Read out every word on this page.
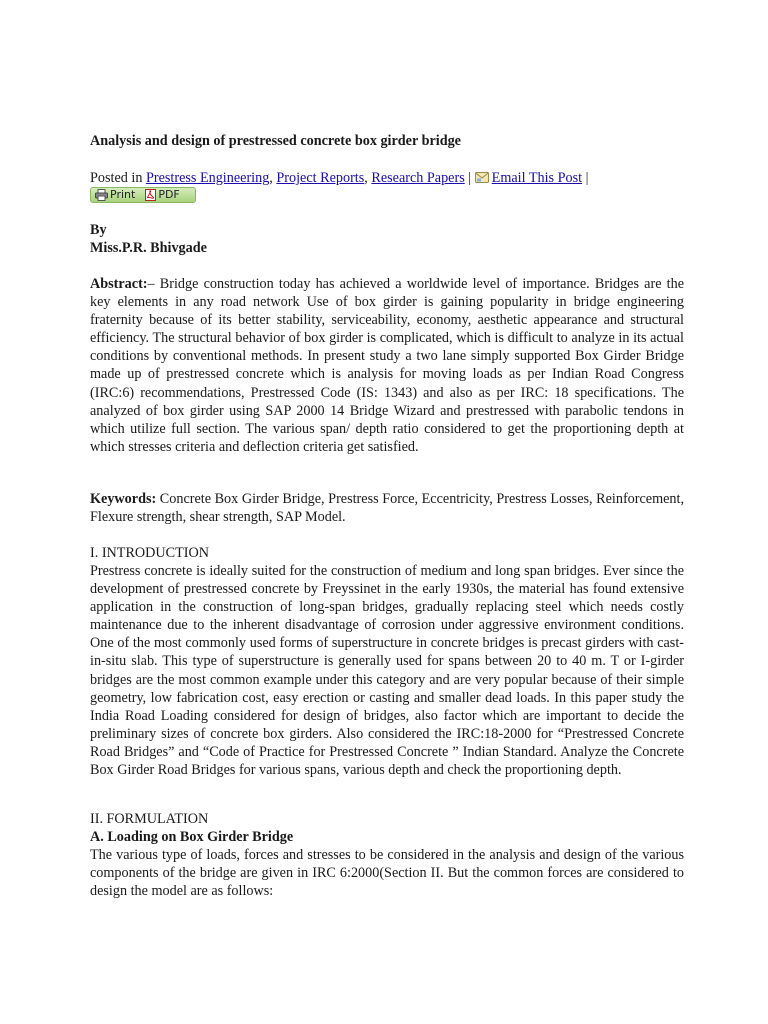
Analysis and design of prestressed concrete box girder bridge
Posted in Prestress Engineering, Project Reports, Research Papers | Email This Post |
Print PDF
By
Miss.P.R. Bhivgade

Abstract:– Bridge construction today has achieved a worldwide level of importance. Bridges are the key elements in any road network Use of box girder is gaining popularity in bridge engineering fraternity because of its better stability, serviceability, economy, aesthetic appearance and structural efficiency. The structural behavior of box girder is complicated, which is difficult to analyze in its actual conditions by conventional methods. In present study a two lane simply supported Box Girder Bridge made up of prestressed concrete which is analysis for moving loads as per Indian Road Congress (IRC:6) recommendations, Prestressed Code (IS: 1343) and also as per IRC: 18 specifications. The analyzed of box girder using SAP 2000 14 Bridge Wizard and prestressed with parabolic tendons in which utilize full section. The various span/ depth ratio considered to get the proportioning depth at which stresses criteria and deflection criteria get satisfied.

Keywords: Concrete Box Girder Bridge, Prestress Force, Eccentricity, Prestress Losses, Reinforcement, Flexure strength, shear strength, SAP Model.

I. INTRODUCTION

Prestress concrete is ideally suited for the construction of medium and long span bridges. Ever since the development of prestressed concrete by Freyssinet in the early 1930s, the material has found extensive application in the construction of long-span bridges, gradually replacing steel which needs costly maintenance due to the inherent disadvantage of corrosion under aggressive environment conditions. One of the most commonly used forms of superstructure in concrete bridges is precast girders with cast-in-situ slab. This type of superstructure is generally used for spans between 20 to 40 m. T or I-girder bridges are the most common example under this category and are very popular because of their simple geometry, low fabrication cost, easy erection or casting and smaller dead loads. In this paper study the India Road Loading considered for design of bridges, also factor which are important to decide the preliminary sizes of concrete box girders. Also considered the IRC:18-2000 for “Prestressed Concrete Road Bridges” and “Code of Practice for Prestressed Concrete ” Indian Standard. Analyze the Concrete Box Girder Road Bridges for various spans, various depth and check the proportioning depth.

II. FORMULATION
A. Loading on Box Girder Bridge

The various type of loads, forces and stresses to be considered in the analysis and design of the various components of the bridge are given in IRC 6:2000(Section II. But the common forces are considered to design the model are as follows:
